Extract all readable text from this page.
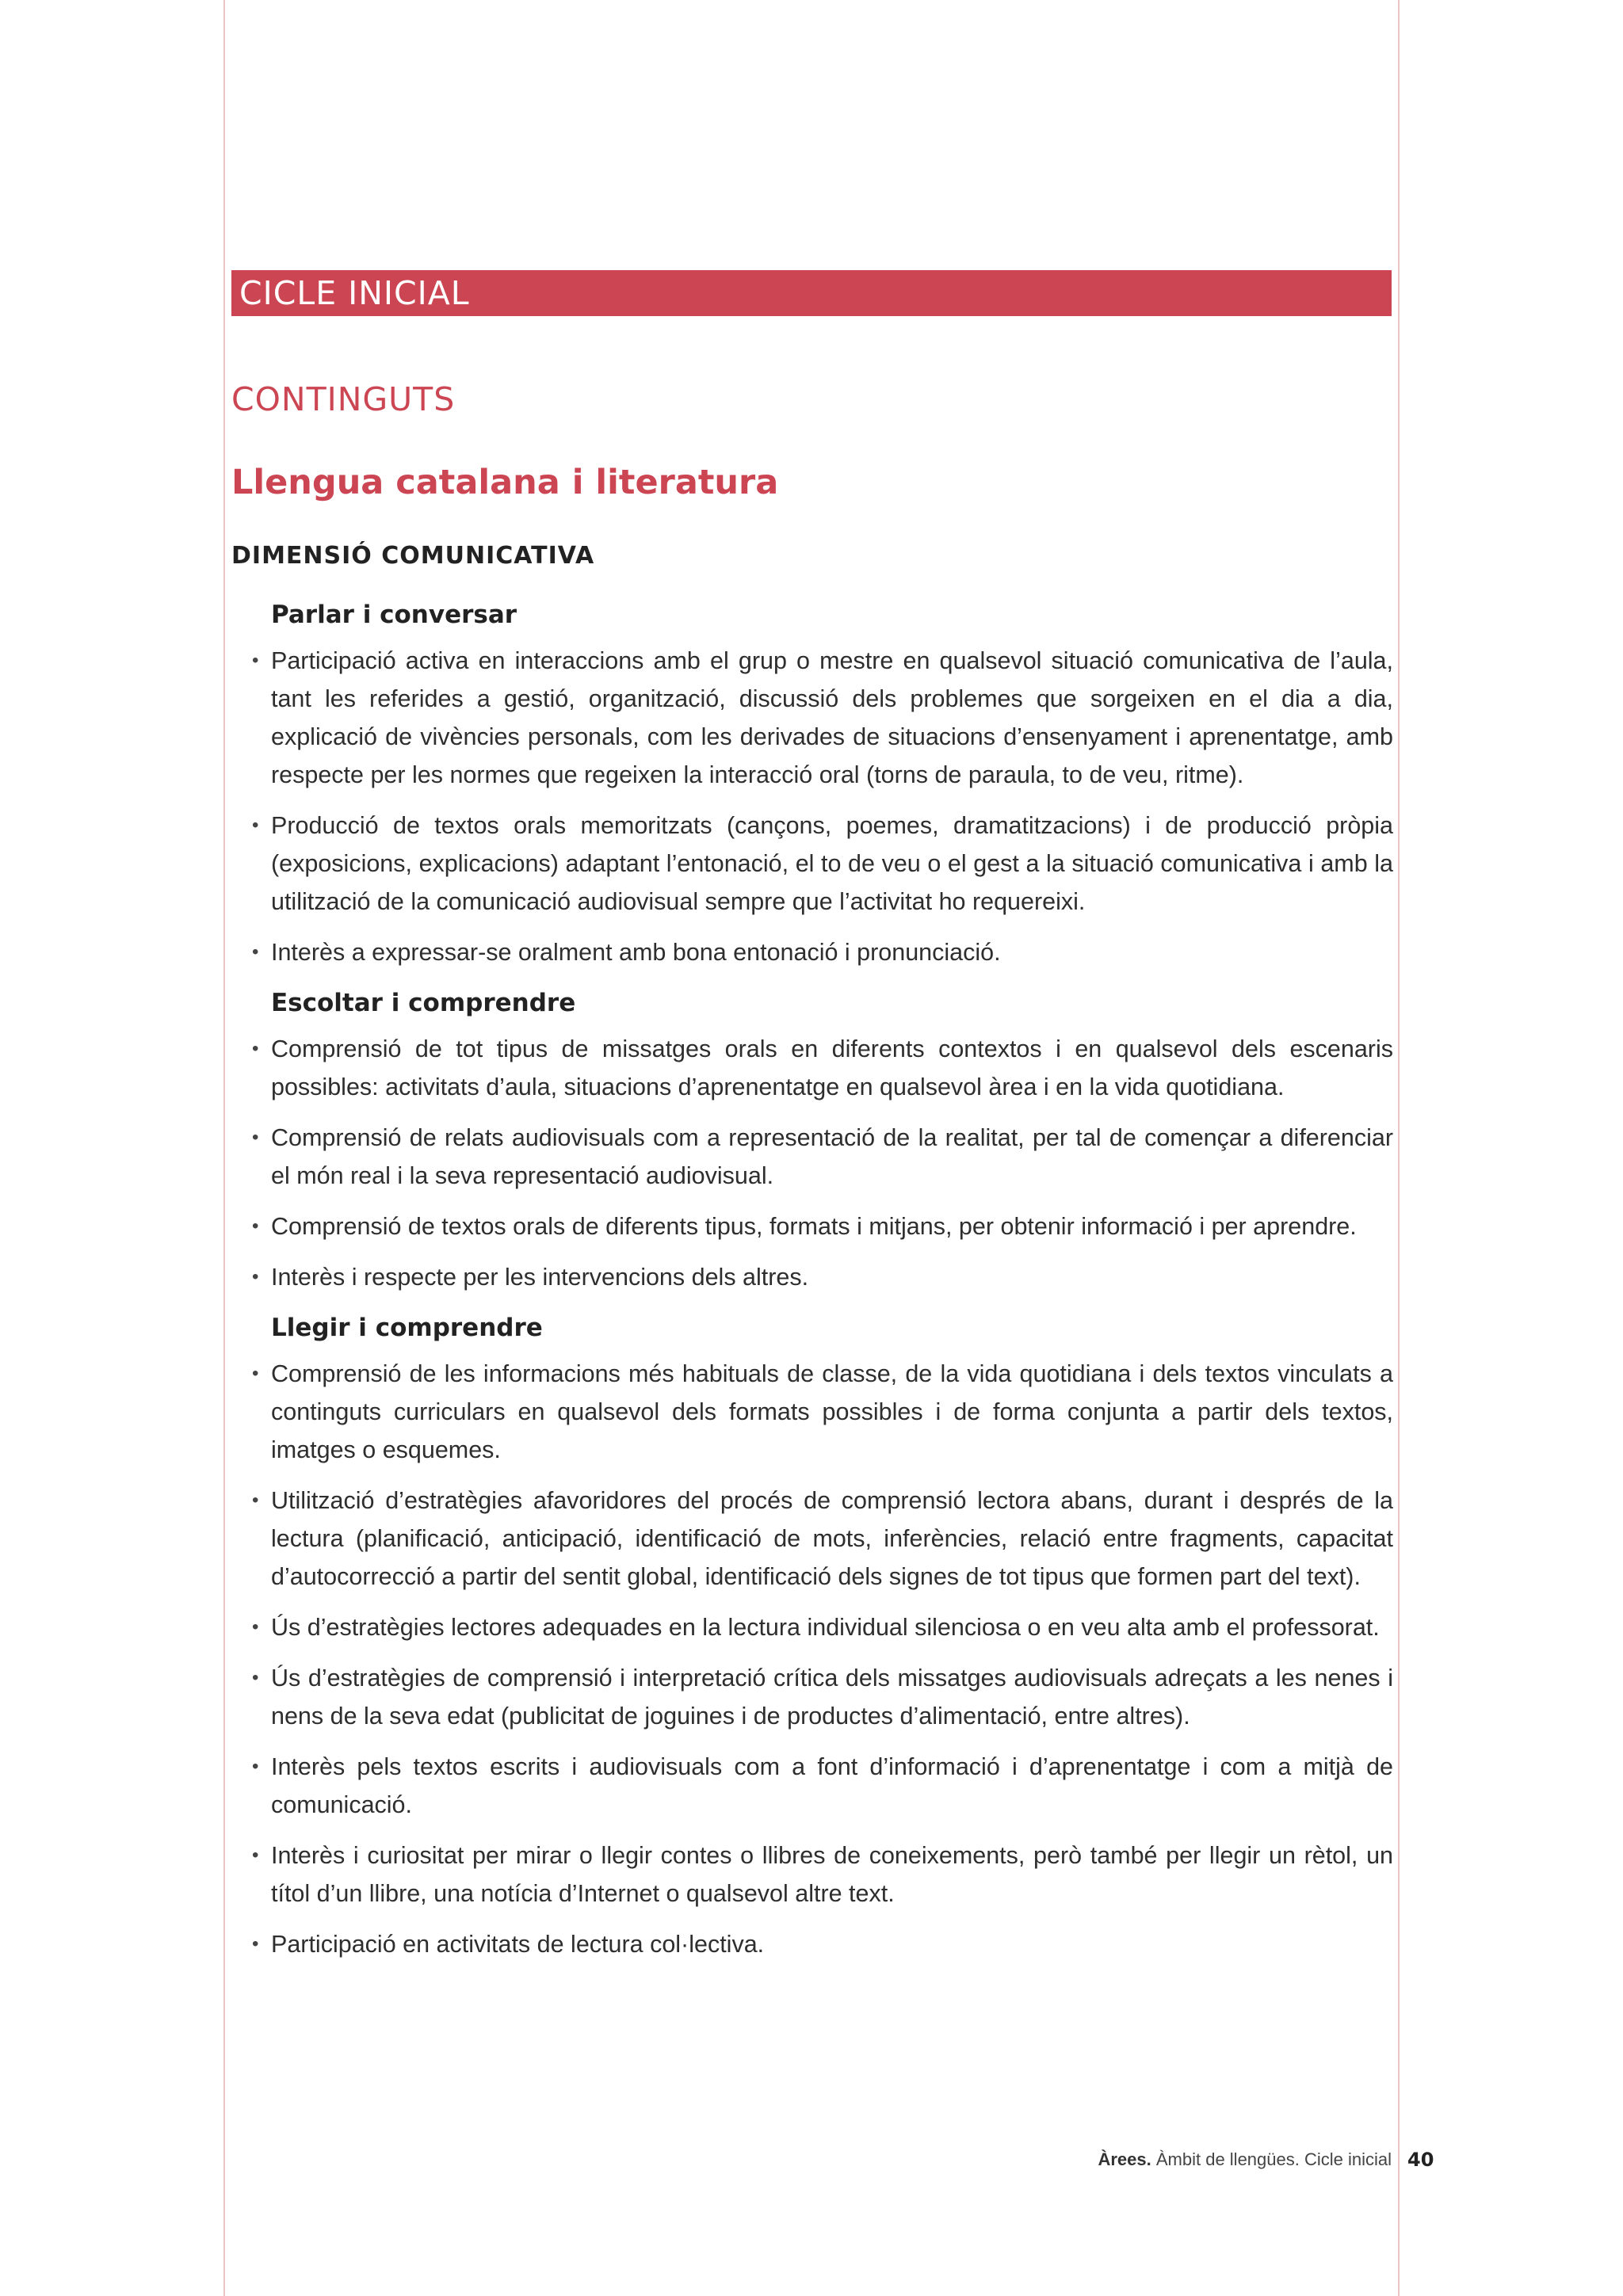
CICLE INICIAL
CONTINGUTS
Llengua catalana i literatura
DIMENSIÓ COMUNICATIVA
Parlar i conversar
• Participació activa en interaccions amb el grup o mestre en qualsevol situació comunicativa de l’aula, tant les referides a gestió, organització, discussió dels problemes que sorgeixen en el dia a dia, explicació de vivències personals, com les derivades de situacions d’ensenyament i aprenentatge, amb respecte per les normes que regeixen la interacció oral (torns de paraula, to de veu, ritme).
• Producció de textos orals memoritzats (cançons, poemes, dramatitzacions) i de producció pròpia (exposicions, explicacions) adaptant l’entonació, el to de veu o el gest a la situació comunicativa i amb la utilització de la comunicació audiovisual sempre que l’activitat ho requereixi.
• Interès a expressar-se oralment amb bona entonació i pronunciació.
Escoltar i comprendre
• Comprensió de tot tipus de missatges orals en diferents contextos i en qualsevol dels escenaris possibles: activitats d’aula, situacions d’aprenentatge en qualsevol àrea i en la vida quotidiana.
• Comprensió de relats audiovisuals com a representació de la realitat, per tal de començar a diferenciar el món real i la seva representació audiovisual.
• Comprensió de textos orals de diferents tipus, formats i mitjans, per obtenir informació i per aprendre.
• Interès i respecte per les intervencions dels altres.
Llegir i comprendre
• Comprensió de les informacions més habituals de classe, de la vida quotidiana i dels textos vinculats a continguts curriculars en qualsevol dels formats possibles i de forma conjunta a partir dels textos, imatges o esquemes.
• Utilització d’estratègies afavoridores del procés de comprensió lectora abans, durant i després de la lectura (planificació, anticipació, identificació de mots, inferències, relació entre fragments, capacitat d’autocorrecció a partir del sentit global, identificació dels signes de tot tipus que formen part del text).
• Ús d’estratègies lectores adequades en la lectura individual silenciosa o en veu alta amb el professorat.
• Ús d’estratègies de comprensió i interpretació crítica dels missatges audiovisuals adreçats a les nenes i nens de la seva edat (publicitat de joguines i de productes d’alimentació, entre altres).
• Interès pels textos escrits i audiovisuals com a font d’informació i d’aprenentatge i com a mitjà de comunicació.
• Interès i curiositat per mirar o llegir contes o llibres de coneixements, però també per llegir un rètol, un títol d’un llibre, una notícia d’Internet o qualsevol altre text.
• Participació en activitats de lectura col·lectiva.
Àrees. Àmbit de llengües. Cicle inicial 40
